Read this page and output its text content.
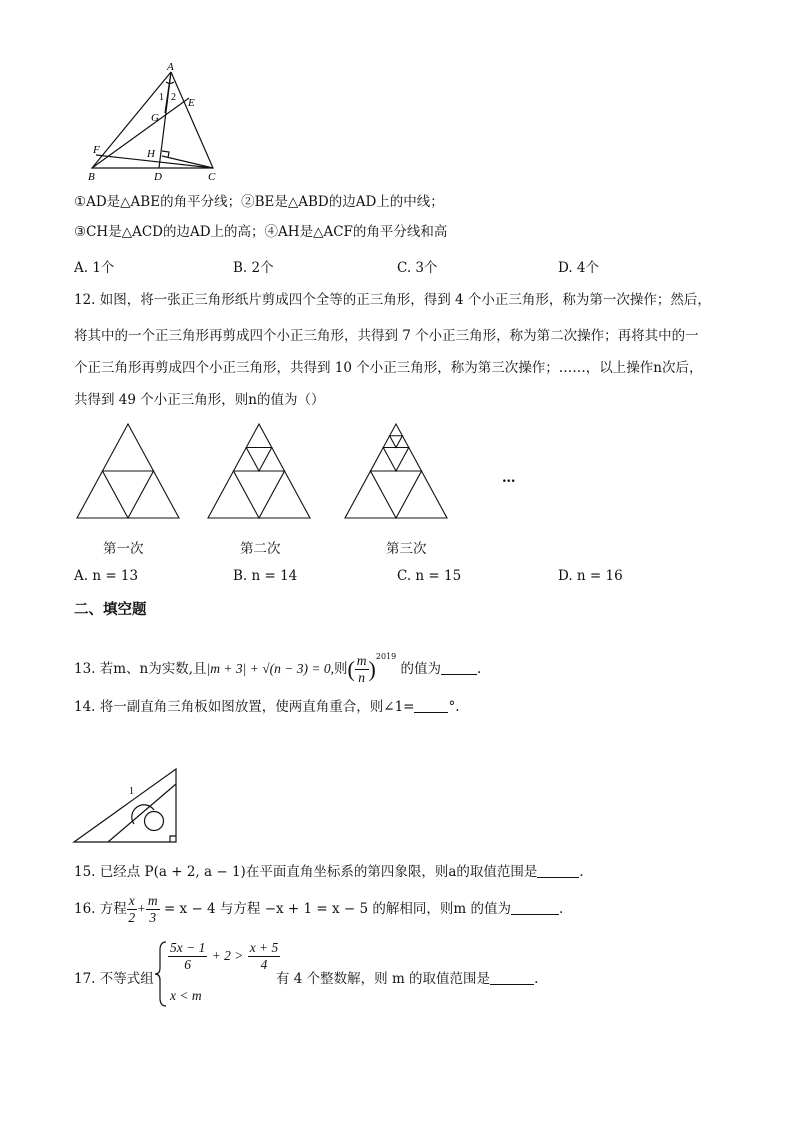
A
E
G
F	H
B	D	C
1 2
①AD是△ABE的角平分线；②BE是△ABD的边AD上的中线；
③CH是△ACD的边AD上的高；④AH是△ACF的角平分线和高
A. 1个	B. 2个	C. 3个	D. 4个
12. 如图，将一张正三角形纸片剪成四个全等的正三角形，得到 4 个小正三角形，称为第一次操作；然后，
将其中的一个正三角形再剪成四个小正三角形，共得到 7 个小正三角形，称为第二次操作；再将其中的一
个正三角形再剪成四个小正三角形，共得到 10 个小正三角形，称为第三次操作；……，以上操作n次后，
共得到 49 个小正三角形，则n的值为（）
…
第一次	第二次	第三次
A. n = 13	B. n = 14	C. n = 15	D. n = 16
二、填空题
13. 若m、n为实数,且|m + 3| + √(n − 3) = 0,则( $\frac{m}{n} )^{2019}$ 的值为	.
14. 将一副直角三角板如图放置，使两直角重合，则∠1=	°.
1
15. 已经点 P(a + 2, a − 1)在平面直角坐标系的第四象限，则a的取值范围是	.
16. 方程 $\frac{x}{2} + \frac{m}{3} = x - 4$ 与方程 −x + 1 = x − 5 的解相同，则m 的值为	.
17. 不等式组
$\frac{5x - 1}{6} + 2 > \frac{x + 5}{4}$
x < m
有 4 个整数解，则 m 的取值范围是	.
